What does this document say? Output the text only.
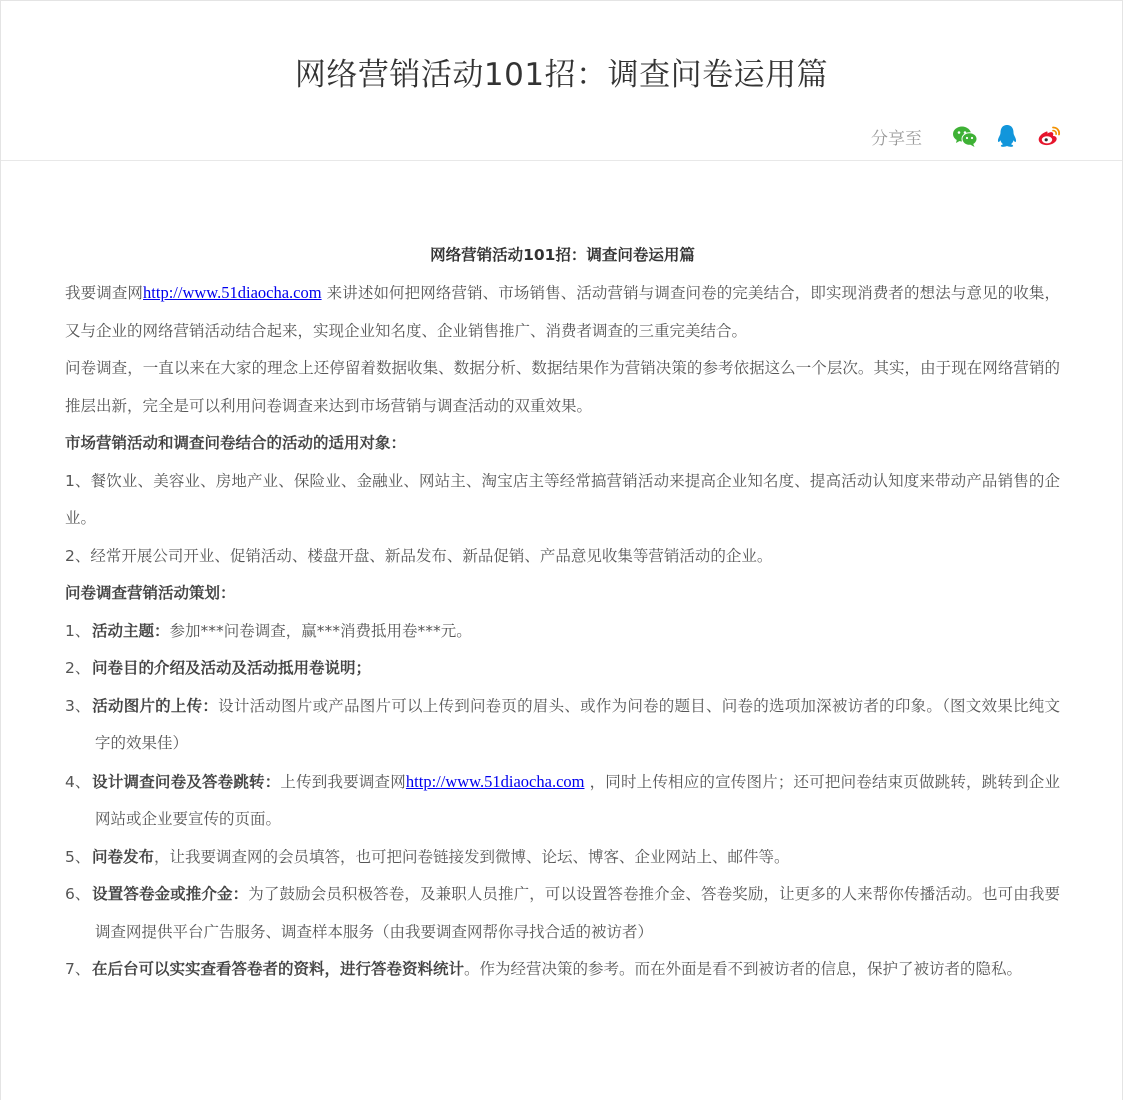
网络营销活动101招：调查问卷运用篇
分享至

网络营销活动101招：调查问卷运用篇

我要调查网http://www.51diaocha.com 来讲述如何把网络营销、市场销售、活动营销与调查问卷的完美结合，即实现消费者的想法与意见的收集，又与企业的网络营销活动结合起来，实现企业知名度、企业销售推广、消费者调查的三重完美结合。

问卷调查，一直以来在大家的理念上还停留着数据收集、数据分析、数据结果作为营销决策的参考依据这么一个层次。其实，由于现在网络营销的推层出新，完全是可以利用问卷调查来达到市场营销与调查活动的双重效果。

市场营销活动和调查问卷结合的活动的适用对象：

1、餐饮业、美容业、房地产业、保险业、金融业、网站主、淘宝店主等经常搞营销活动来提高企业知名度、提高活动认知度来带动产品销售的企业。

2、经常开展公司开业、促销活动、楼盘开盘、新品发布、新品促销、产品意见收集等营销活动的企业。

问卷调查营销活动策划：

1、 活动主题：参加***问卷调查，赢***消费抵用卷***元。

2、 问卷目的介绍及活动及活动抵用卷说明；

3、 活动图片的上传：设计活动图片或产品图片可以上传到问卷页的眉头、或作为问卷的题目、问卷的选项加深被访者的印象。（图文效果比纯文字的效果佳）

4、 设计调查问卷及答卷跳转：上传到我要调查网http://www.51diaocha.com ，同时上传相应的宣传图片；还可把问卷结束页做跳转，跳转到企业网站或企业要宣传的页面。

5、 问卷发布，让我要调查网的会员填答，也可把问卷链接发到微博、论坛、博客、企业网站上、邮件等。

6、 设置答卷金或推介金：为了鼓励会员积极答卷，及兼职人员推广，可以设置答卷推介金、答卷奖励，让更多的人来帮你传播活动。也可由我要调查网提供平台广告服务、调查样本服务（由我要调查网帮你寻找合适的被访者）

7、 在后台可以实实查看答卷者的资料，进行答卷资料统计。作为经营决策的参考。而在外面是看不到被访者的信息，保护了被访者的隐私。
